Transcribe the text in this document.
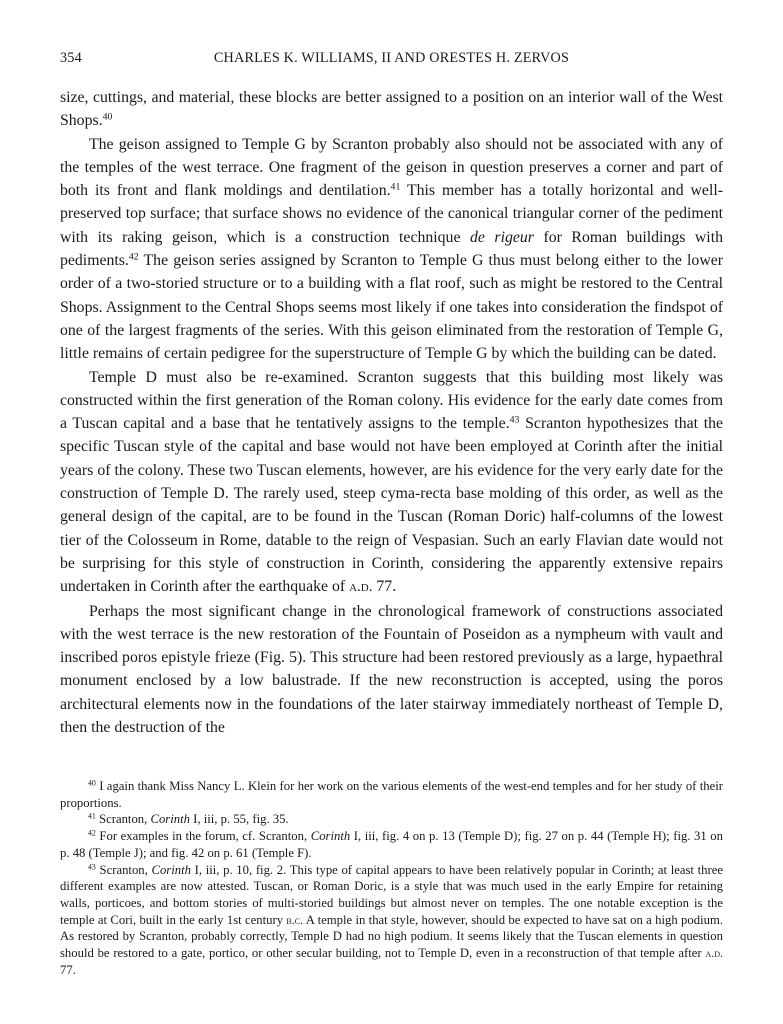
354	CHARLES K. WILLIAMS, II AND ORESTES H. ZERVOS

size, cuttings, and material, these blocks are better assigned to a position on an interior wall of the West Shops.$^{40}$

The geison assigned to Temple G by Scranton probably also should not be associated with any of the temples of the west terrace. One fragment of the geison in question preserves a corner and part of both its front and flank moldings and dentilation.$^{41}$ This member has a totally horizontal and well-preserved top surface; that surface shows no evidence of the canonical triangular corner of the pediment with its raking geison, which is a construction technique de rigeur for Roman buildings with pediments.$^{42}$ The geison series assigned by Scranton to Temple G thus must belong either to the lower order of a two-storied structure or to a building with a flat roof, such as might be restored to the Central Shops. Assignment to the Central Shops seems most likely if one takes into consideration the findspot of one of the largest fragments of the series. With this geison eliminated from the restoration of Temple G, little remains of certain pedigree for the superstructure of Temple G by which the building can be dated.

Temple D must also be re-examined. Scranton suggests that this building most likely was constructed within the first generation of the Roman colony. His evidence for the early date comes from a Tuscan capital and a base that he tentatively assigns to the temple.$^{43}$ Scranton hypothesizes that the specific Tuscan style of the capital and base would not have been employed at Corinth after the initial years of the colony. These two Tuscan elements, however, are his evidence for the very early date for the construction of Temple D. The rarely used, steep cyma-recta base molding of this order, as well as the general design of the capital, are to be found in the Tuscan (Roman Doric) half-columns of the lowest tier of the Colosseum in Rome, datable to the reign of Vespasian. Such an early Flavian date would not be surprising for this style of construction in Corinth, considering the apparently extensive repairs undertaken in Corinth after the earthquake of a.d. 77.

Perhaps the most significant change in the chronological framework of constructions associated with the west terrace is the new restoration of the Fountain of Poseidon as a nympheum with vault and inscribed poros epistyle frieze (Fig. 5). This structure had been restored previously as a large, hypaethral monument enclosed by a low balustrade. If the new reconstruction is accepted, using the poros architectural elements now in the foundations of the later stairway immediately northeast of Temple D, then the destruction of the

$^{40}$ I again thank Miss Nancy L. Klein for her work on the various elements of the west-end temples and for her study of their proportions.

$^{41}$ Scranton, Corinth I, iii, p. 55, fig. 35.

$^{42}$ For examples in the forum, cf. Scranton, Corinth I, iii, fig. 4 on p. 13 (Temple D); fig. 27 on p. 44 (Temple H); fig. 31 on p. 48 (Temple J); and fig. 42 on p. 61 (Temple F).

$^{43}$ Scranton, Corinth I, iii, p. 10, fig. 2. This type of capital appears to have been relatively popular in Corinth; at least three different examples are now attested. Tuscan, or Roman Doric, is a style that was much used in the early Empire for retaining walls, porticoes, and bottom stories of multi-storied buildings but almost never on temples. The one notable exception is the temple at Cori, built in the early 1st century b.c. A temple in that style, however, should be expected to have sat on a high podium. As restored by Scranton, probably correctly, Temple D had no high podium. It seems likely that the Tuscan elements in question should be restored to a gate, portico, or other secular building, not to Temple D, even in a reconstruction of that temple after a.d. 77.
